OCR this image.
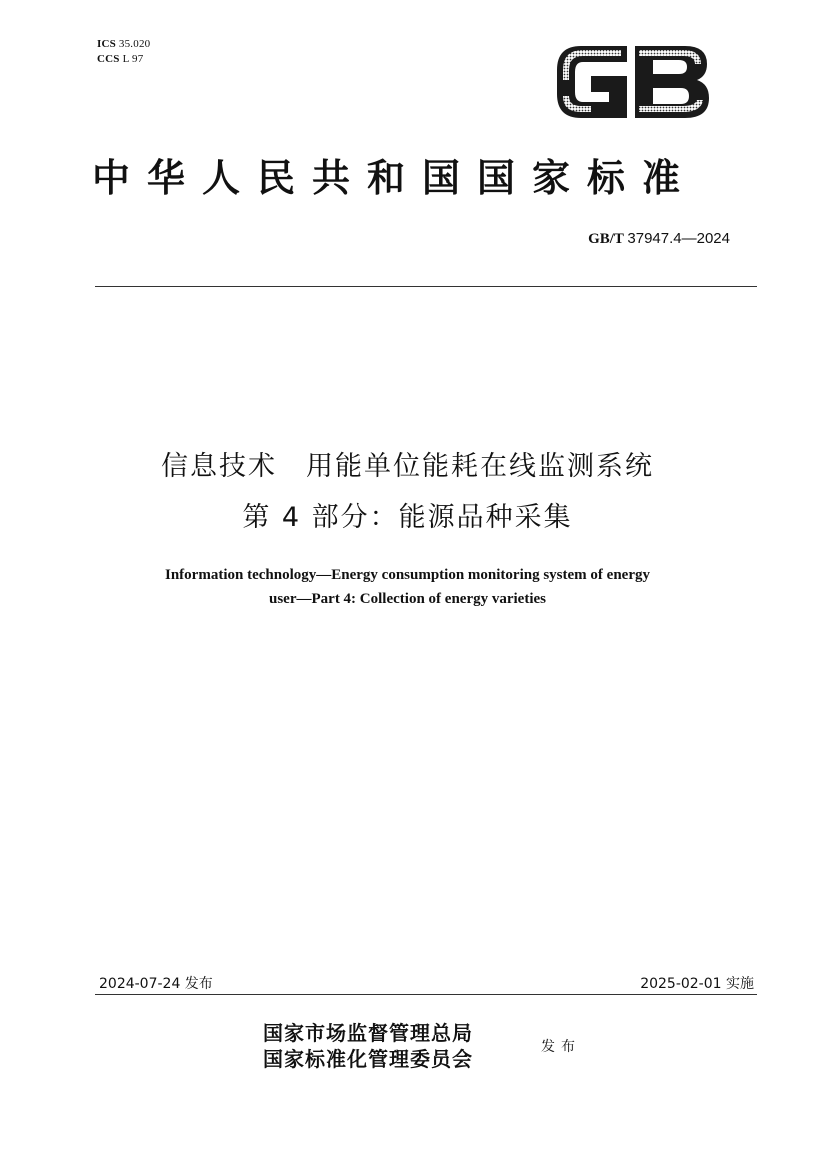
ICS 35.020
CCS L 97
中华人民共和国国家标准
GB/T 37947.4—2024
信息技术　用能单位能耗在线监测系统
第 4 部分：能源品种采集
Information technology—Energy consumption monitoring system of energy
user—Part 4: Collection of energy varieties
2024-07-24 发布	2025-02-01 实施
国家市场监督管理总局
国家标准化管理委员会	发布
